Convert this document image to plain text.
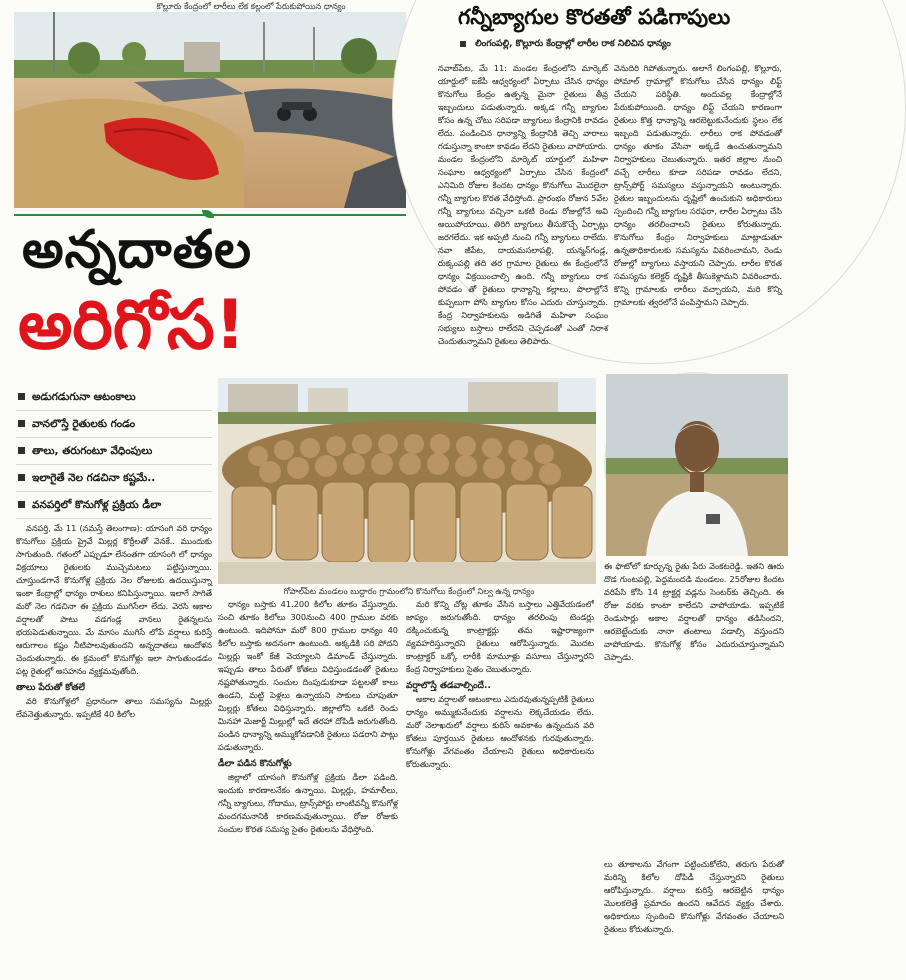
కొల్లూరు కేంద్రంలో లారీలు లేక కల్లంలో పేరుకుపోయిన ధాన్యం	గన్నీబ్యాగుల కొరతతో పడిగాపులు
లింగంపల్లి, కొల్లూరు కేంద్రాల్లో లారీల రాక నిలిచిన ధాన్యం
నవాబ్‌పేట, మే 11: మండల కేంద్రంలోని మార్కెట్‌ యార్డులో ఐకేపీ ఆధ్వర్యంలో ఏర్పాటు చేసిన ధాన్యం కొనుగోలు కేంద్రం ఉత్పన్న మైనా రైతులు తీవ్ర ఇబ్బందులు పడుతున్నారు. అక్కడ గన్నీ బ్యాగుల కోసం ఉన్న చోటు సరిపడా బ్యాగులు కేంద్రానికి రావడం లేదు. పండించిన ధాన్యాన్ని కేంద్రానికి తెచ్చి వారాలు గడుస్తున్నా కాంటా కావడం లేదని రైతులు వాపోయారు. మండల కేంద్రంలోని మార్కెట్‌ యార్డులో మహిళా సంఘాల ఆధ్వర్యంలో ఏర్పాటు చేసిన కేంద్రంలో ఎనిమిది రోజుల కిందట ధాన్యం కొనుగోలు మొదలైనా గన్నీ బ్యాగుల కొరత వేధిస్తోంది. ప్రారంభం రోజున 5వేల గన్నీ బ్యాగులు వచ్చినా ఒకటి రెండు రోజుల్లోనే అవి అయిపోయాయి. తిరిగి బ్యాగులు తీసుకొచ్చే ఏర్పాట్లు జరగలేదు. ఇక అప్పటి నుంచి గన్నీ బ్యాగులు రాలేదు. నవా జీపేట, దాయమసలాపల్లి, యన్మన్‌గండ్ల, రుక్కంపల్లి తది తర గ్రామాల రైతులు ఈ కేంద్రంలోనే ధాన్యం విక్రయించాల్సి ఉంది. గన్నీ బ్యాగులు రాక పోవడం తో రైతులు ధాన్యాన్ని కల్లాలు, పొలాల్లోనే కుప్పలుగా పోసి బ్యాగుల కోసం ఎదురు చూస్తున్నారు. కేంద్ర నిర్వాహకులను అడిగితే మహిళా సంఘం సభ్యులు బస్తాలు రాలేదని చెప్పడంతో ఎంతో నిరాశ చెందుతున్నామని రైతులు తెలిపారు.
వెనుదిరి గిపోతున్నారు. అలాగే లింగంపల్లి, కొల్లూరు, పోమాల్‌ గ్రామాల్లో కొనుగోలు చేసిన ధాన్యం లిఫ్ట్‌ చేయని పరిస్థితి. అందువల్ల కేంద్రాల్లోనే పేరుకుపోయింది. ధాన్యం లిఫ్ట్‌ చేయని కారణంగా రైతులు కొత్త ధాన్యాన్ని ఆరబెట్టుకునేందుకు స్థలం లేక ఇబ్బంది పడుతున్నారు. లారీలు రాక పోవడంతో ధాన్యం తూకం వేసినా అక్కడే ఉంచుతున్నామని నిర్వాహకులు చెబుతున్నారు. ఇతర జిల్లాల నుంచి వచ్చే లారీలు కూడా సరిపడా రావడం లేదని, ట్రాన్స్‌పోర్ట్‌ సమస్యలు వస్తున్నాయని అంటున్నారు. రైతుల ఇబ్బందులను దృష్టిలో ఉంచుకుని అధికారులు స్పందించి గన్నీ బ్యాగుల సరఫరా, లారీల ఏర్పాటు చేసి ధాన్యం తరలించాలని రైతులు కోరుతున్నారు. కొనుగోలు కేంద్రం నిర్వాహకులు మాట్లాడుతూ ఉన్నతాధికారులకు సమస్యను వివరించామని, రెండు రోజుల్లో బ్యాగులు వస్తాయని చెప్పారు. లారీల కొరత సమస్యను కలెక్టర్‌ దృష్టికి తీసుకెళ్లామని వివరించారు. కొన్ని గ్రామాలకు లారీలు వచ్చాయని, మరి కొన్ని గ్రామాలకు త్వరలోనే పంపిస్తామని చెప్పారు.
అన్నదాతల
అరిగోస!
అడుగడుగునా ఆటంకాలు
వానలొస్తే రైతులకు గండం
తాలు, తరుగంటూ వేధింపులు
ఇలాగైతే నెల గడచినా కష్టమే..
వనపర్తిలో కొనుగోళ్ల ప్రక్రియ డీలా

వనపర్తి, మే 11 (నమస్తే తెలంగాణ): యాసంగి వరి ధాన్యం కొనుగోలు ప్రక్రియ ప్రైవే మిల్లర్ల కొర్రీలతో వెనకే.. ముందుకు సాగుతుంది. గతంలో ఎప్పుడూ లేనంతగా యాసంగి లో ధాన్యం విక్రయాలు రైతులకు ముచ్చెమటలు పట్టిస్తున్నాయి. చూస్తుండగానే కొనుగోళ్ల ప్రక్రియ నెల రోజులకు ఉదయిస్తున్నా ఇంకా కేంద్రాల్లో ధాన్యం రాశులు కనిపిస్తున్నాయి. ఇలాగే సాగితే మరో నెల గడచినా ఈ ప్రక్రియ ముగిసేలా లేదు. వెరసి ఆకాల వర్షాలతో పాటు వడగండ్ల వానలు రైతన్నలను భయపెడుతున్నాయి. మే మాసం ముగిసే లోపే వర్షాలు కురిస్తే ఆరుగాలం కష్టం నీటిపాలవుతుందని అన్నదాతలు ఆందోళన చెందుతున్నారు. ఈ క్రమంలో కొనుగోళ్లు ఇలా సాగుతుండడం పట్ల రైతుల్లో అసహనం వ్యక్తమవుతోంది.

తాలు పేరుతో కోతలే

వరి కొనుగోళ్లలో ప్రధానంగా తాలు సమస్యను మిల్లర్లు లేవనెత్తుతున్నారు. ఇప్పటికే 40 కిలోల

గోపాల్‌పేట మండలం బుద్దారం గ్రామంలోని కొనుగోలు కేంద్రంలో నిల్వ ఉన్న ధాన్యం

ధాన్యం బస్తాకు 41.200 కిలోల తూకం వేస్తున్నారు. సంచి తూకం కిలోలు 300నుంచి 400 గ్రాముల వరకు ఉంటుంది. ఇదిపోనూ మరో 800 గ్రాముల ధాన్యం 40 కిలోల బస్తాకు అదనంగా ఉంటుంది. అక్కడికి సరి పోదని మిల్లర్లు ఇంకో కేజీ వెయ్యాలని డిమాండ్‌ చేస్తున్నారు. ఇప్పుడు తాలు పేరుతో కోతలు విధిస్తుండడంతో రైతులు నష్టపోతున్నారు. సంచుల దింపుడుకూడా పట్టలతో కాలు ఉండని, మట్టి పెళ్లలు ఉన్నాయని సాకులు చూపుతూ మిల్లర్లు కోతలు విధిస్తున్నారు. జిల్లాలోని ఒకటి రెండు మినహా మెజార్టీ మిల్లుల్లో ఇదే తరహా దోపిడీ జరుగుతోంది. పండిన ధాన్యాన్ని అమ్ముకోవడానికి రైతులు పడరాని పాట్లు పడుతున్నారు.

డీలా పడిన కొనుగోళ్లు

జిల్లాలో యాసంగి కొనుగోళ్ల ప్రక్రియ డీలా పడింది. ఇందుకు కారణాలనేకం ఉన్నాయి. మిల్లర్లు, హమాలీలు, గన్నీ బ్యాగులు, గోదాము, ట్రాన్స్‌పోర్టు లాంటివన్నీ కొనుగోళ్ల మందగమనానికి కారణమవుతున్నాయి. రోజు రోజుకు సంచుల కొరత సమస్య సైతం రైతులను వేధిస్తోంది.

మరి కొన్ని చోట్ల తూకం వేసిన బస్తాలు ఎత్తివేయడంలో జాప్యం జరుగుతోంది. ధాన్యం తరలింపు టెండర్లు దక్కించుకున్న కాంట్రాక్టర్లు తమ ఇష్టారాజ్యంగా వ్యవహరిస్తున్నారని రైతులు ఆరోపిస్తున్నారు. మొదట కాంట్రాక్టర్‌ ఒక్కో లారీకి మామూళ్లు వసూలు చేస్తున్నారని కేంద్ర నిర్వాహకులు సైతం చెబుతున్నారు.

వర్షాలొస్తే తడవాల్సిందే..

అకాల వర్షాలతో ఆటంకాలు ఎదురవుతున్నప్పటికీ రైతులు ధాన్యం అమ్ముకునేందుకు వర్షాలను లెక్కచేయడం లేదు. మరో నెలాఖరులో వర్షాలు కురిసే అవకాశం ఉన్నందున వరి కోతలు పూర్తయిన రైతులు ఆందోళనకు గురవుతున్నారు. కోనుగోళ్లు వేగవంతం చేయాలని రైతులు అధికారులను కోరుతున్నారు.

ఈ ఫొటోలో కూర్చున్న రైతు పేరు వెంకటరెడ్డి. ఇతని ఊరు దొడ గుంటపల్లి, పెద్దమందడి మండలం. 25రోజుల కిందట వరిపేసి కోసి 14 ట్రాక్టర్ల వడ్లను సెంటర్‌కు తెచ్చింది. ఈ రోజు వరకు కాంటా కాలేదని వాపోయాడు. ఇప్పటికే రెండుసార్లు అకాల వర్షాలతో ధాన్యం తడిసిందని, ఆరబెట్టేందుకు నానా తంటాలు పడాల్సి వస్తుందని వాపోయాడు. కొనుగోళ్ల కోసం ఎదురుచూస్తున్నామని చెప్పాడు.
లు తూకాలను వేగంగా పట్టించుకోలేని, తరుగు పేరుతో మరిన్ని కిలోల దోపిడీ చేస్తున్నారని రైతులు ఆరోపిస్తున్నారు. వర్షాలు కురిస్తే ఆరబెట్టిన ధాన్యం మొలకలెత్తే ప్రమాదం ఉందని ఆవేదన వ్యక్తం చేశారు. అధికారులు స్పందించి కొనుగోళ్లు వేగవంతం చేయాలని రైతులు కోరుతున్నారు.
